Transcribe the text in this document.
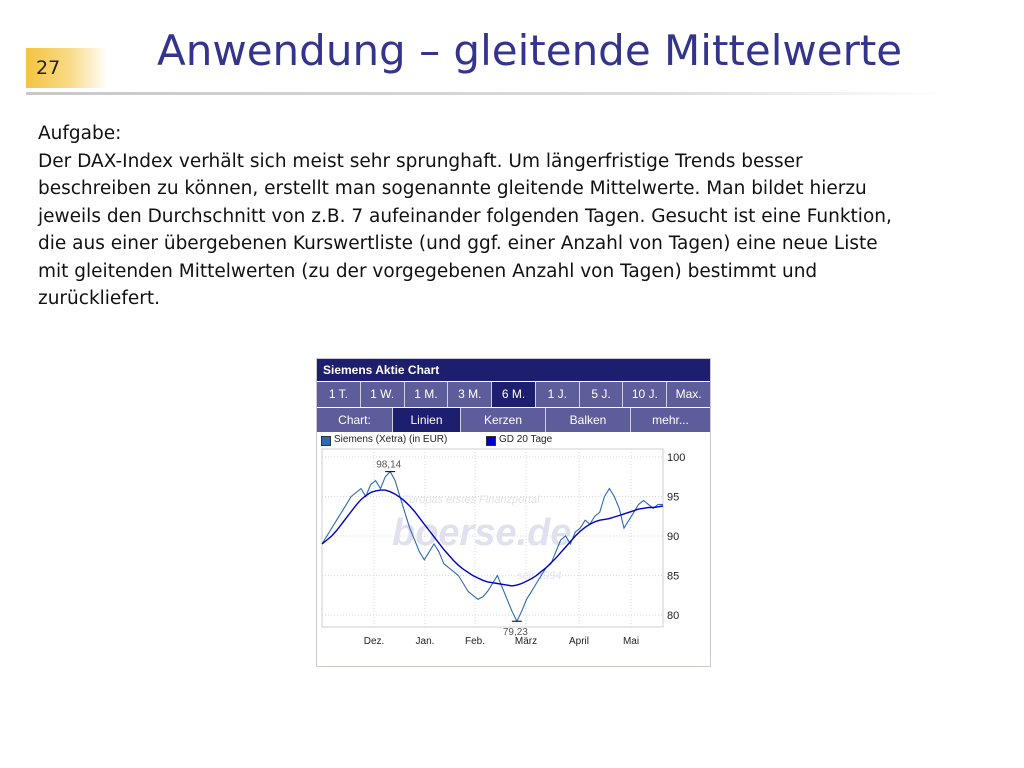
27 Anwendung – gleitende Mittelwerte
Aufgabe:
Der DAX-Index verhält sich meist sehr sprunghaft. Um längerfristige Trends besser
beschreiben zu können, erstellt man sogenannte gleitende Mittelwerte. Man bildet hierzu
jeweils den Durchschnitt von z.B. 7 aufeinander folgenden Tagen. Gesucht ist eine Funktion,
die aus einer übergebenen Kurswertliste (und ggf. einer Anzahl von Tagen) eine neue Liste
mit gleitenden Mittelwerten (zu der vorgegebenen Anzahl von Tagen) bestimmt und
zurückliefert.
Siemens Aktie Chart
1 T.	1 W.	1 M.	3 M.	6 M.	1 J.	5 J.	10 J.	Max.
Chart:	Linien	Kerzen	Balken	mehr...
Siemens (Xetra) (in EUR)	GD 20 Tage
Europas erstes Finanzportal
boerse.de
seit 1994
98,14
79,23
80
85
90
95
100
Dez.	Jan.	Feb.	März	April	Mai
